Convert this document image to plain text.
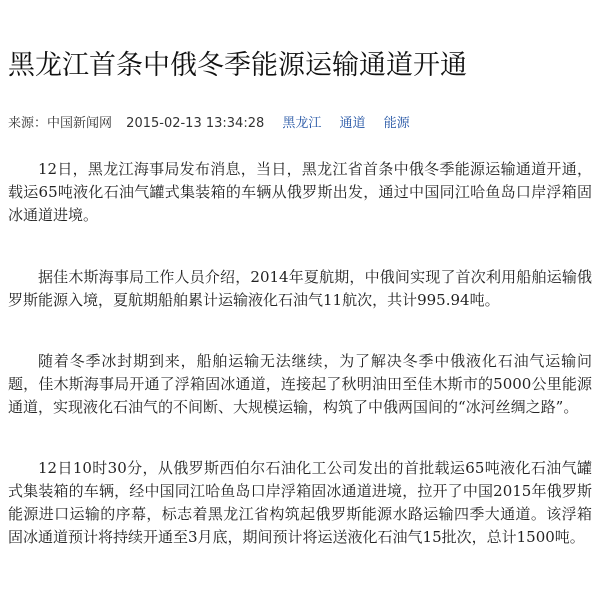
黑龙江首条中俄冬季能源运输通道开通
来源：中国新闻网 2015-02-13 13:34:28 黑龙江 通道 能源

12日，黑龙江海事局发布消息，当日，黑龙江省首条中俄冬季能源运输通道开通，载运65吨液化石油气罐式集装箱的车辆从俄罗斯出发，通过中国同江哈鱼岛口岸浮箱固冰通道进境。

据佳木斯海事局工作人员介绍，2014年夏航期，中俄间实现了首次利用船舶运输俄罗斯能源入境，夏航期船舶累计运输液化石油气11航次，共计995.94吨。

随着冬季冰封期到来，船舶运输无法继续，为了解决冬季中俄液化石油气运输问题，佳木斯海事局开通了浮箱固冰通道，连接起了秋明油田至佳木斯市的5000公里能源通道，实现液化石油气的不间断、大规模运输，构筑了中俄两国间的“冰河丝绸之路”。

12日10时30分，从俄罗斯西伯尔石油化工公司发出的首批载运65吨液化石油气罐式集装箱的车辆，经中国同江哈鱼岛口岸浮箱固冰通道进境，拉开了中国2015年俄罗斯能源进口运输的序幕，标志着黑龙江省构筑起俄罗斯能源水路运输四季大通道。该浮箱固冰通道预计将持续开通至3月底，期间预计将运送液化石油气15批次，总计1500吨。
